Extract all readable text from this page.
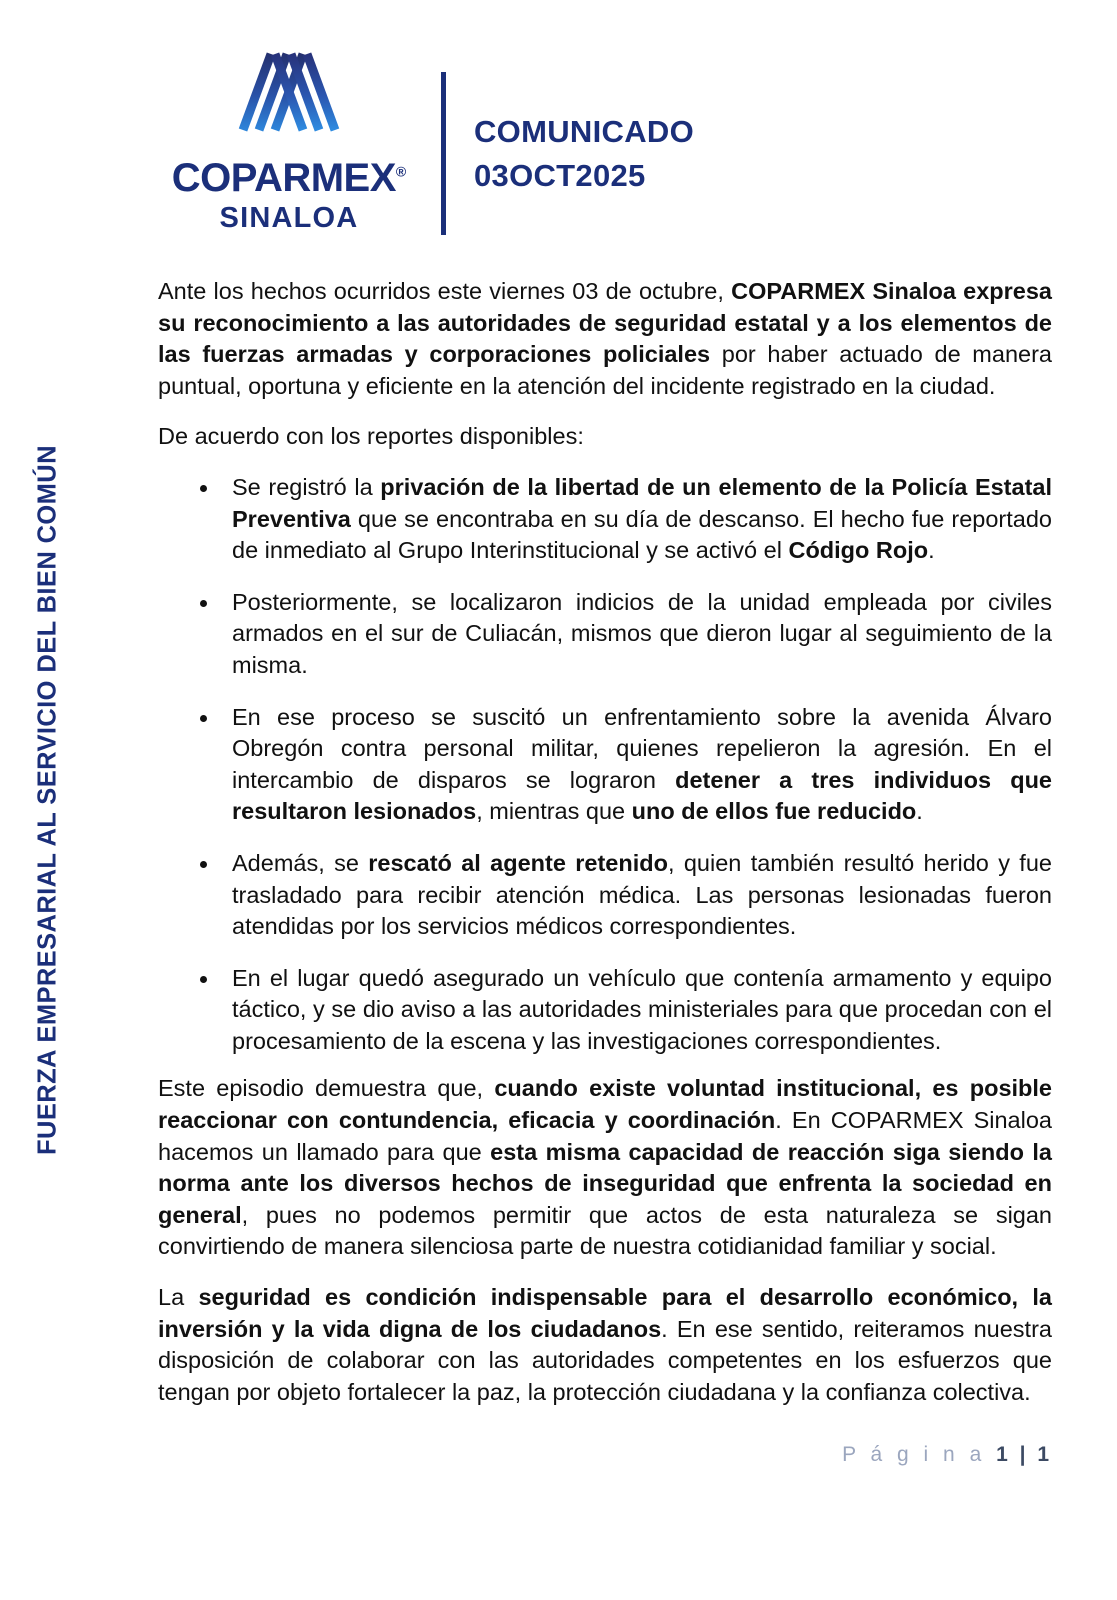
FUERZA EMPRESARIAL AL SERVICIO DEL BIEN COMÚN
COPARMEX®
SINALOA
COMUNICADO
03OCT2025

Ante los hechos ocurridos este viernes 03 de octubre, COPARMEX Sinaloa expresa su reconocimiento a las autoridades de seguridad estatal y a los elementos de las fuerzas armadas y corporaciones policiales por haber actuado de manera puntual, oportuna y eficiente en la atención del incidente registrado en la ciudad.

De acuerdo con los reportes disponibles:

Se registró la privación de la libertad de un elemento de la Policía Estatal Preventiva que se encontraba en su día de descanso. El hecho fue reportado de inmediato al Grupo Interinstitucional y se activó el Código Rojo.
Posteriormente, se localizaron indicios de la unidad empleada por civiles armados en el sur de Culiacán, mismos que dieron lugar al seguimiento de la misma.
En ese proceso se suscitó un enfrentamiento sobre la avenida Álvaro Obregón contra personal militar, quienes repelieron la agresión. En el intercambio de disparos se lograron detener a tres individuos que resultaron lesionados, mientras que uno de ellos fue reducido.
Además, se rescató al agente retenido, quien también resultó herido y fue trasladado para recibir atención médica. Las personas lesionadas fueron atendidas por los servicios médicos correspondientes.
En el lugar quedó asegurado un vehículo que contenía armamento y equipo táctico, y se dio aviso a las autoridades ministeriales para que procedan con el procesamiento de la escena y las investigaciones correspondientes.

Este episodio demuestra que, cuando existe voluntad institucional, es posible reaccionar con contundencia, eficacia y coordinación. En COPARMEX Sinaloa hacemos un llamado para que esta misma capacidad de reacción siga siendo la norma ante los diversos hechos de inseguridad que enfrenta la sociedad en general, pues no podemos permitir que actos de esta naturaleza se sigan convirtiendo de manera silenciosa parte de nuestra cotidianidad familiar y social.

La seguridad es condición indispensable para el desarrollo económico, la inversión y la vida digna de los ciudadanos. En ese sentido, reiteramos nuestra disposición de colaborar con las autoridades competentes en los esfuerzos que tengan por objeto fortalecer la paz, la protección ciudadana y la confianza colectiva.

P á g i n a 1 | 1
